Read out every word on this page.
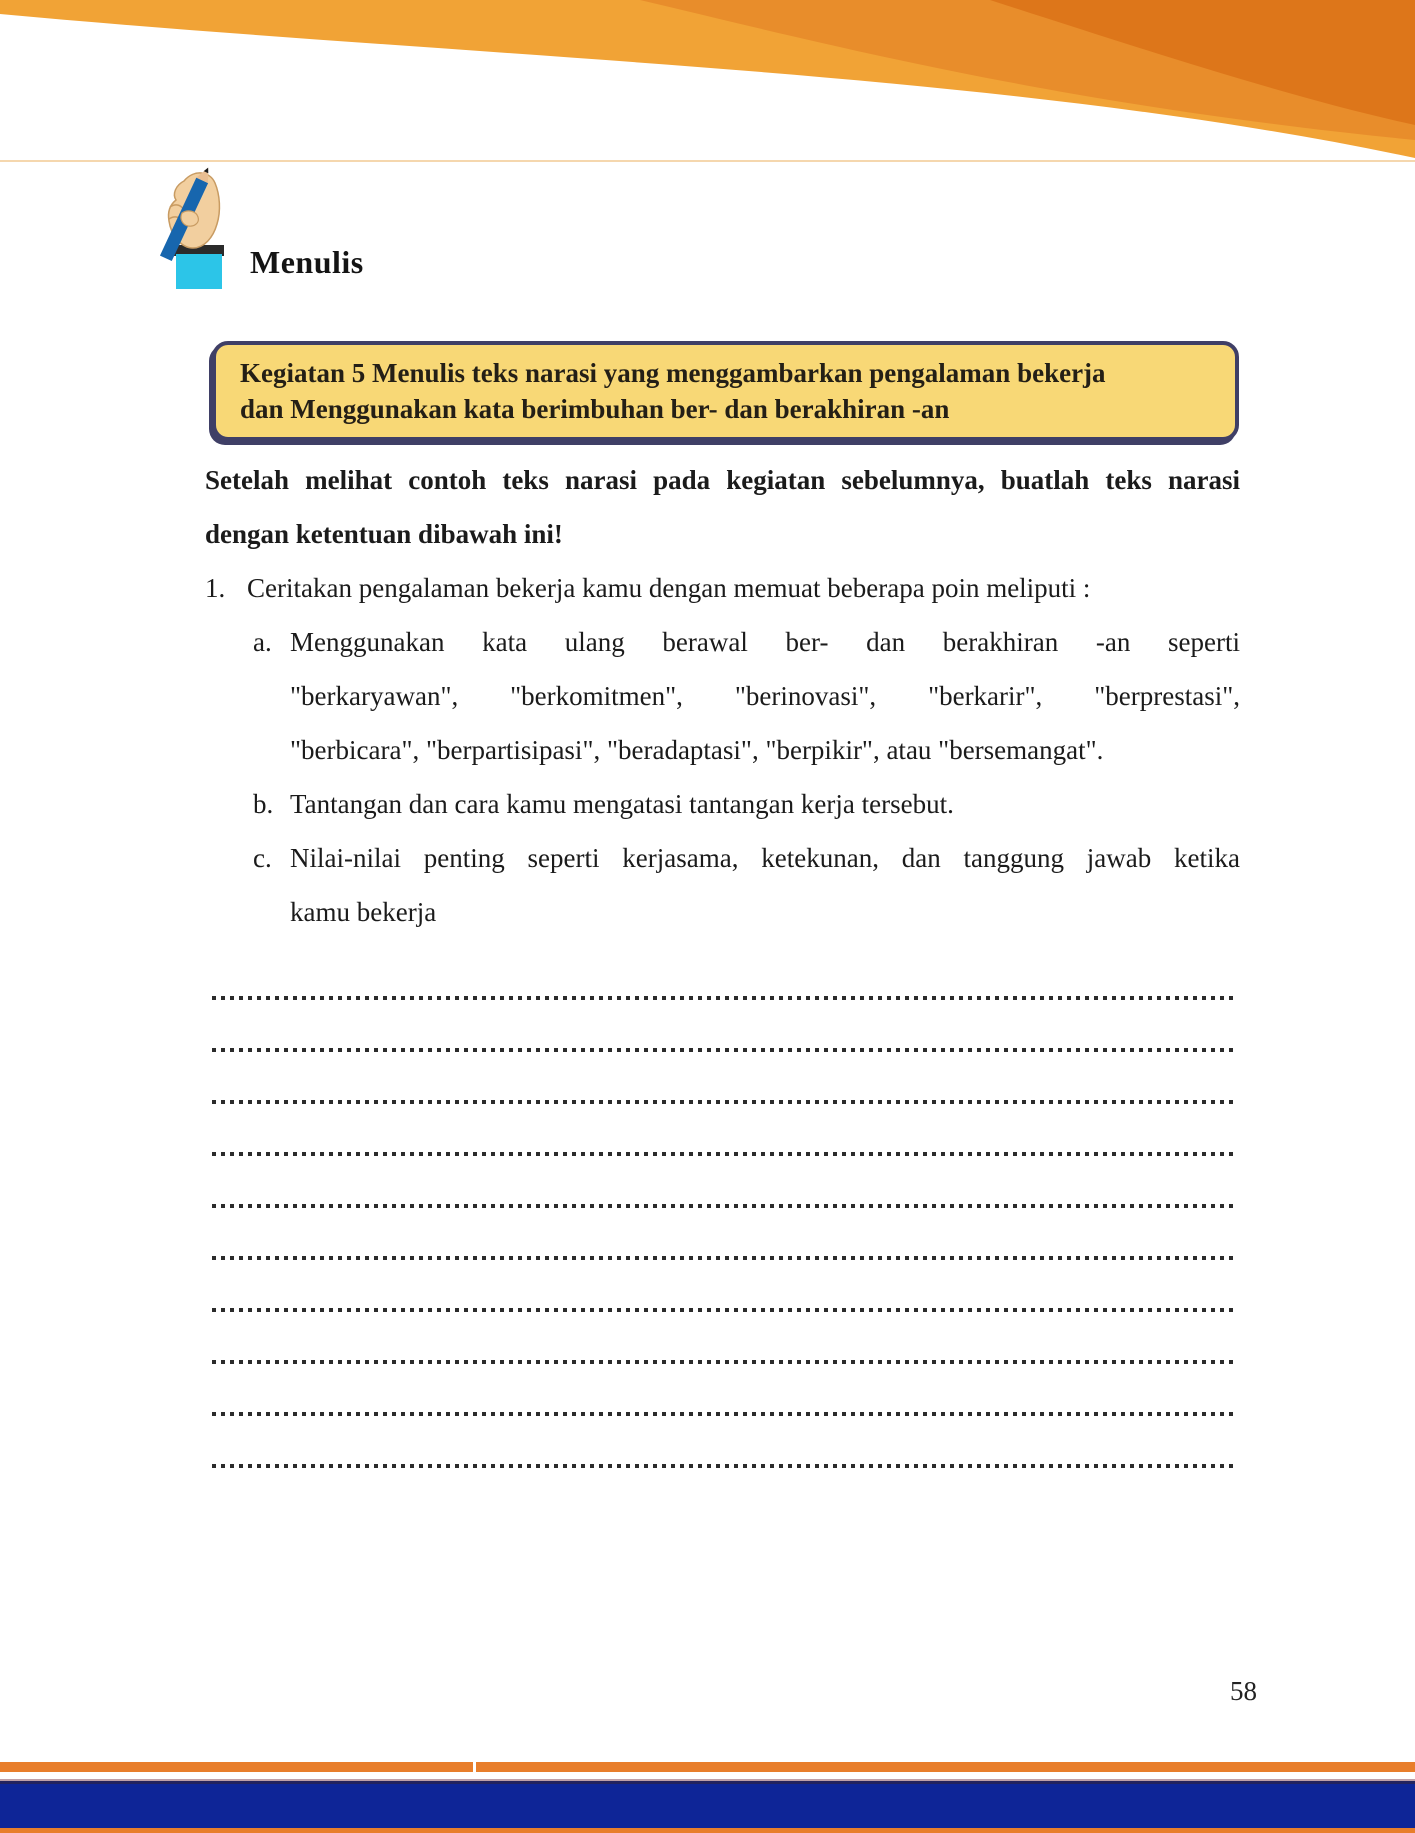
Menulis
Kegiatan 5 Menulis teks narasi yang menggambarkan pengalaman bekerja
dan Menggunakan kata berimbuhan ber- dan berakhiran -an
Setelah melihat contoh teks narasi pada kegiatan sebelumnya, buatlah teks narasi
dengan ketentuan dibawah ini!
1. Ceritakan pengalaman bekerja kamu dengan memuat beberapa poin meliputi :
a. Menggunakan kata ulang berawal ber- dan berakhiran -an seperti
"berkaryawan", "berkomitmen", "berinovasi", "berkarir", "berprestasi",
"berbicara", "berpartisipasi", "beradaptasi", "berpikir", atau "bersemangat".
b. Tantangan dan cara kamu mengatasi tantangan kerja tersebut.
c. Nilai-nilai penting seperti kerjasama, ketekunan, dan tanggung jawab ketika
kamu bekerja
58
